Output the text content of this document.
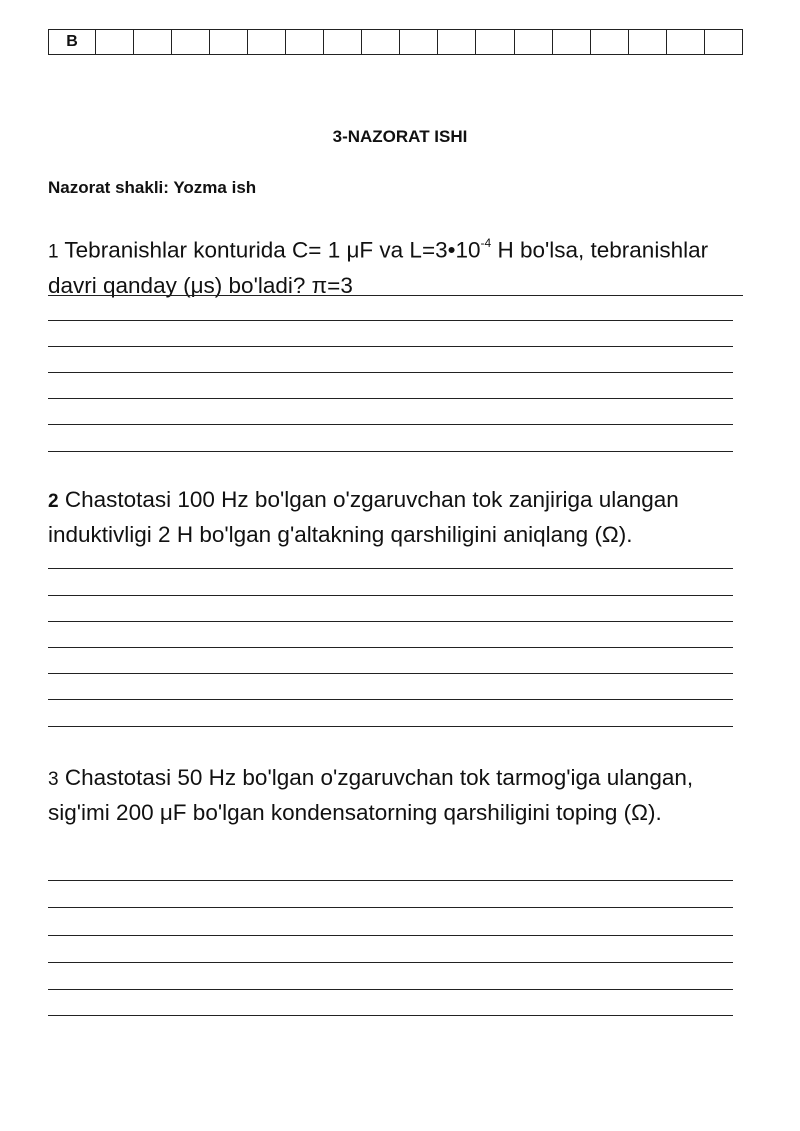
B																	
3-NAZORAT ISHI
Nazorat shakli: Yozma ish
1 Tebranishlar konturida C= 1 μF va $L=3•10^{-4}$ H bo'lsa, tebranishlar davri qanday (μs) bo'ladi? π=3
2 Chastotasi 100 Hz bo'lgan o'zgaruvchan tok zanjiriga ulangan induktivligi 2 H bo'lgan g'altakning qarshiligini aniqlang (Ω).
3 Chastotasi 50 Hz bo'lgan o'zgaruvchan tok tarmog'iga ulangan, sig'imi 200 μF bo'lgan kondensatorning qarshiligini toping (Ω).
